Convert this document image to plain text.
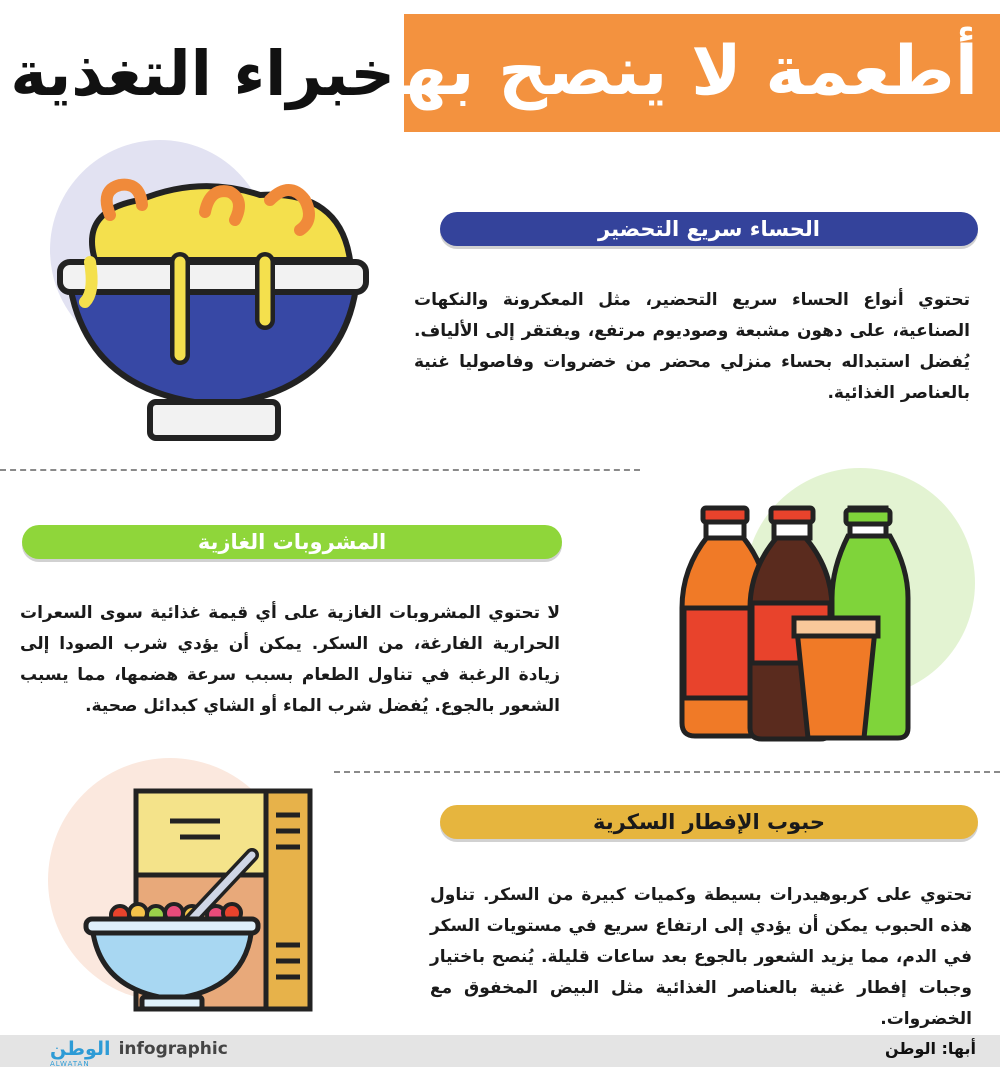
أطعمة لا ينصح بها
خبراء التغذية
الحساء سريع التحضير
تحتوي أنواع الحساء سريع التحضير، مثل المعكرونة والنكهات الصناعية، على دهون مشبعة وصوديوم مرتفع، ويفتقر إلى الألياف. يُفضل استبداله بحساء منزلي محضر من خضروات وفاصوليا غنية بالعناصر الغذائية.
المشروبات الغازية
لا تحتوي المشروبات الغازية على أي قيمة غذائية سوى السعرات الحرارية الفارغة، من السكر. يمكن أن يؤدي شرب الصودا إلى زيادة الرغبة في تناول الطعام بسبب سرعة هضمها، مما يسبب الشعور بالجوع. يُفضل شرب الماء أو الشاي كبدائل صحية.
حبوب الإفطار السكرية
تحتوي على كربوهيدرات بسيطة وكميات كبيرة من السكر. تناول هذه الحبوب يمكن أن يؤدي إلى ارتفاع سريع في مستويات السكر في الدم، مما يزيد الشعور بالجوع بعد ساعات قليلة. يُنصح باختيار وجبات إفطار غنية بالعناصر الغذائية مثل البيض المخفوق مع الخضروات.
أبها: الوطن
الوطن
ALWATAN
infographic
